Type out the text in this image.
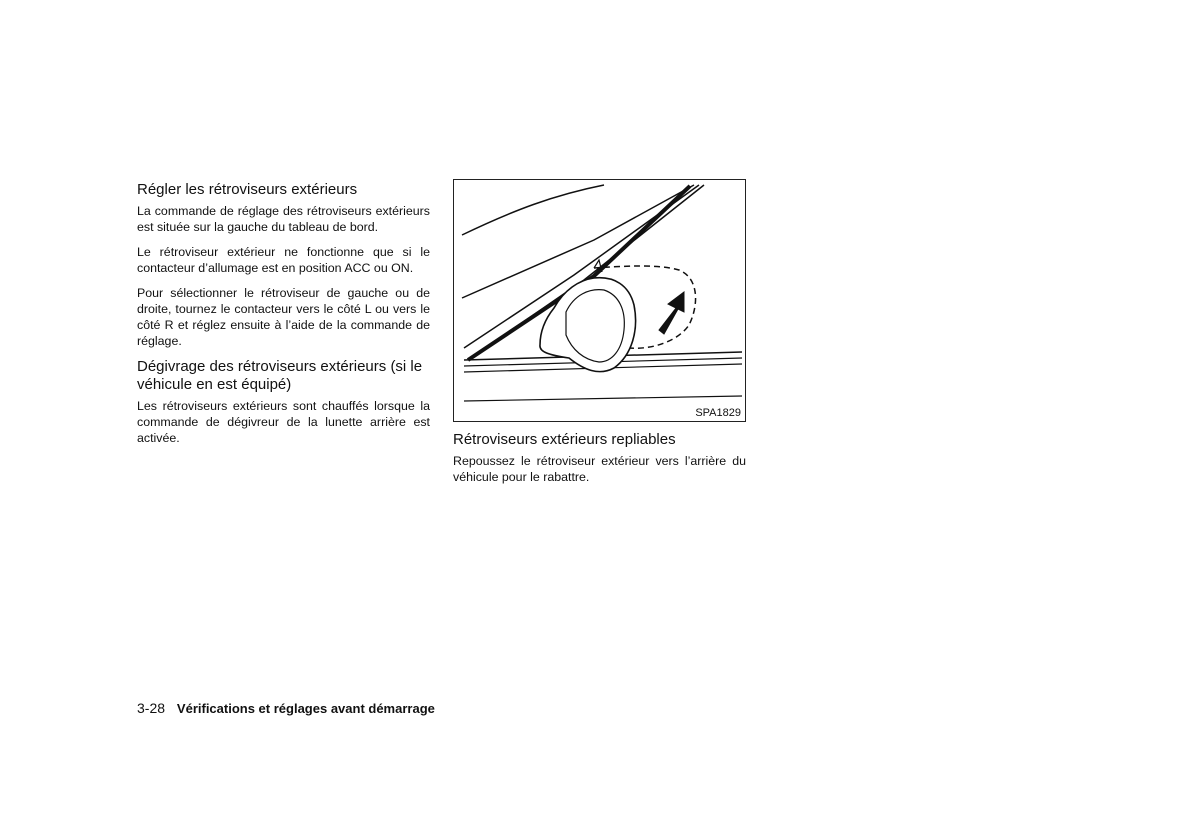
Régler les rétroviseurs extérieurs

La commande de réglage des rétroviseurs extérieurs est située sur la gauche du tableau de bord.

Le rétroviseur extérieur ne fonctionne que si le contacteur d’allumage est en position ACC ou ON.

Pour sélectionner le rétroviseur de gauche ou de droite, tournez le contacteur vers le côté L ou vers le côté R et réglez ensuite à l’aide de la commande de réglage.

Dégivrage des rétroviseurs extérieurs (si le véhicule en est équipé)

Les rétroviseurs extérieurs sont chauffés lorsque la commande de dégivreur de la lunette arrière est activée.

SPA1829
Rétroviseurs extérieurs repliables

Repoussez le rétroviseur extérieur vers l’arrière du véhicule pour le rabattre.

3-28 Vérifications et réglages avant démarrage
